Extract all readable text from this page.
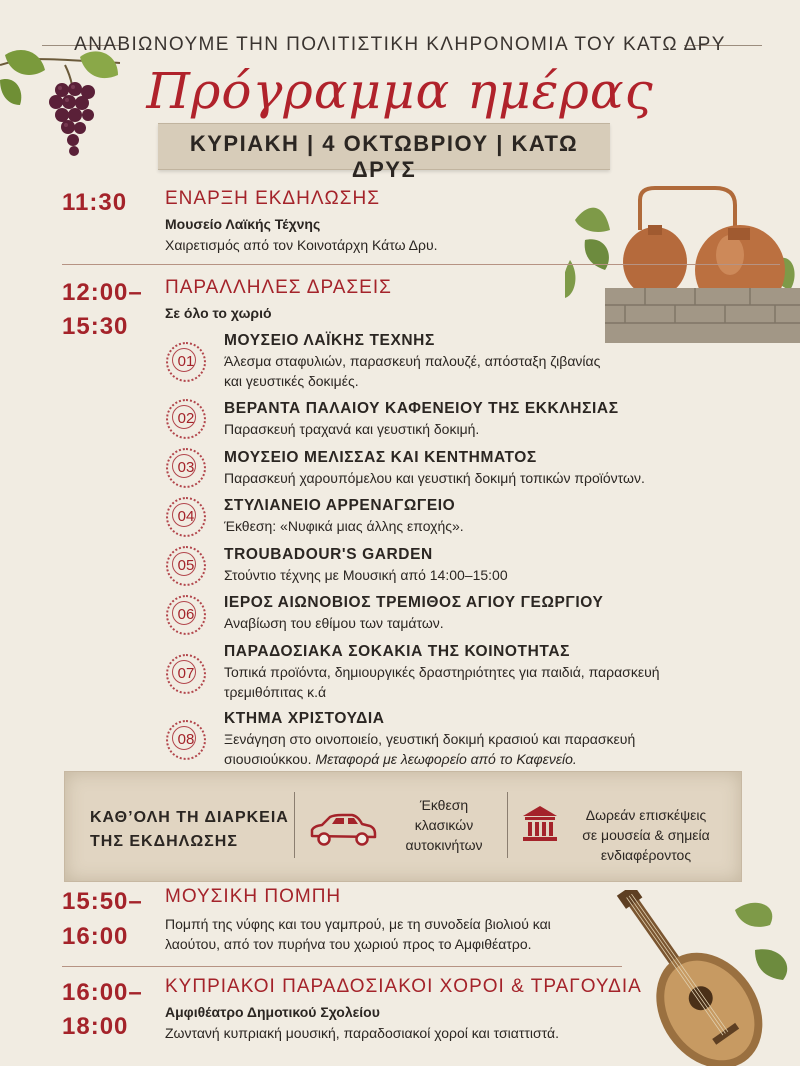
ΑΝΑΒΙΩΝΟΥΜΕ ΤΗΝ ΠΟΛΙΤΙΣΤΙΚΗ ΚΛΗΡΟΝΟΜΙΑ ΤΟΥ ΚΑΤΩ ΔΡΥ
Πρόγραμμα ημέρας
ΚΥΡΙΑΚΗ | 4 ΟΚΤΩΒΡΙΟΥ | ΚΑΤΩ ΔΡΥΣ
11:30 ΕΝΑΡΞΗ ΕΚΔΗΛΩΣΗΣ
Μουσείο Λαϊκής Τέχνης
Χαιρετισμός από τον Κοινοτάρχη Κάτω Δρυ.
12:00–
15:30
ΠΑΡΑΛΛΗΛΕΣ ΔΡΑΣΕΙΣ
Σε όλο το χωριό
01
ΜΟΥΣΕΙΟ ΛΑΪΚΗΣ ΤΕΧΝΗΣ
Άλεσμα σταφυλιών, παρασκευή παλουζέ, απόσταξη ζιβανίας
και γευστικές δοκιμές.
02
ΒΕΡΑΝΤΑ ΠΑΛΑΙΟΥ ΚΑΦΕΝΕΙΟΥ ΤΗΣ ΕΚΚΛΗΣΙΑΣ
Παρασκευή τραχανά και γευστική δοκιμή.
03
ΜΟΥΣΕΙΟ ΜΕΛΙΣΣΑΣ ΚΑΙ ΚΕΝΤΗΜΑΤΟΣ
Παρασκευή χαρουπόμελου και γευστική δοκιμή τοπικών προϊόντων.
04
ΣΤΥΛΙΑΝΕΙΟ ΑΡΡΕΝΑΓΩΓΕΙΟ
Έκθεση: «Νυφικά μιας άλλης εποχής».
05
TROUBADOUR'S GARDEN
Στούντιο τέχνης με Μουσική από 14:00–15:00
06
ΙΕΡΟΣ ΑΙΩΝΟΒΙΟΣ ΤΡΕΜΙΘΟΣ ΑΓΙΟΥ ΓΕΩΡΓΙΟΥ
Αναβίωση του εθίμου των ταμάτων.
07
ΠΑΡΑΔΟΣΙΑΚΑ ΣΟΚΑΚΙΑ ΤΗΣ ΚΟΙΝΟΤΗΤΑΣ
Τοπικά προϊόντα, δημιουργικές δραστηριότητες για παιδιά, παρασκευή
τρεμιθόπιτας κ.ά
08
ΚΤΗΜΑ ΧΡΙΣΤΟΥΔΙΑ
Ξενάγηση στο οινοποιείο, γευστική δοκιμή κρασιού και παρασκευή
σιουσιούκκου. Μεταφορά με λεωφορείο από το Καφενείο.
ΚΑΘ’ΟΛΗ ΤΗ ΔΙΑΡΚΕΙΑ
ΤΗΣ ΕΚΔΗΛΩΣΗΣ
Έκθεση
κλασικών
αυτοκινήτων
Δωρεάν επισκέψεις
σε μουσεία & σημεία
ενδιαφέροντος
15:50–
16:00
ΜΟΥΣΙΚΗ ΠΟΜΠΗ
Πομπή της νύφης και του γαμπρού, με τη συνοδεία βιολιού και
λαούτου, από τον πυρήνα του χωριού προς το Αμφιθέατρο.
16:00–
18:00
ΚΥΠΡΙΑΚΟΙ ΠΑΡΑΔΟΣΙΑΚΟΙ ΧΟΡΟΙ & ΤΡΑΓΟΥΔΙΑ
Αμφιθέατρο Δημοτικού Σχολείου
Ζωντανή κυπριακή μουσική, παραδοσιακοί χοροί και τσιαττιστά.
